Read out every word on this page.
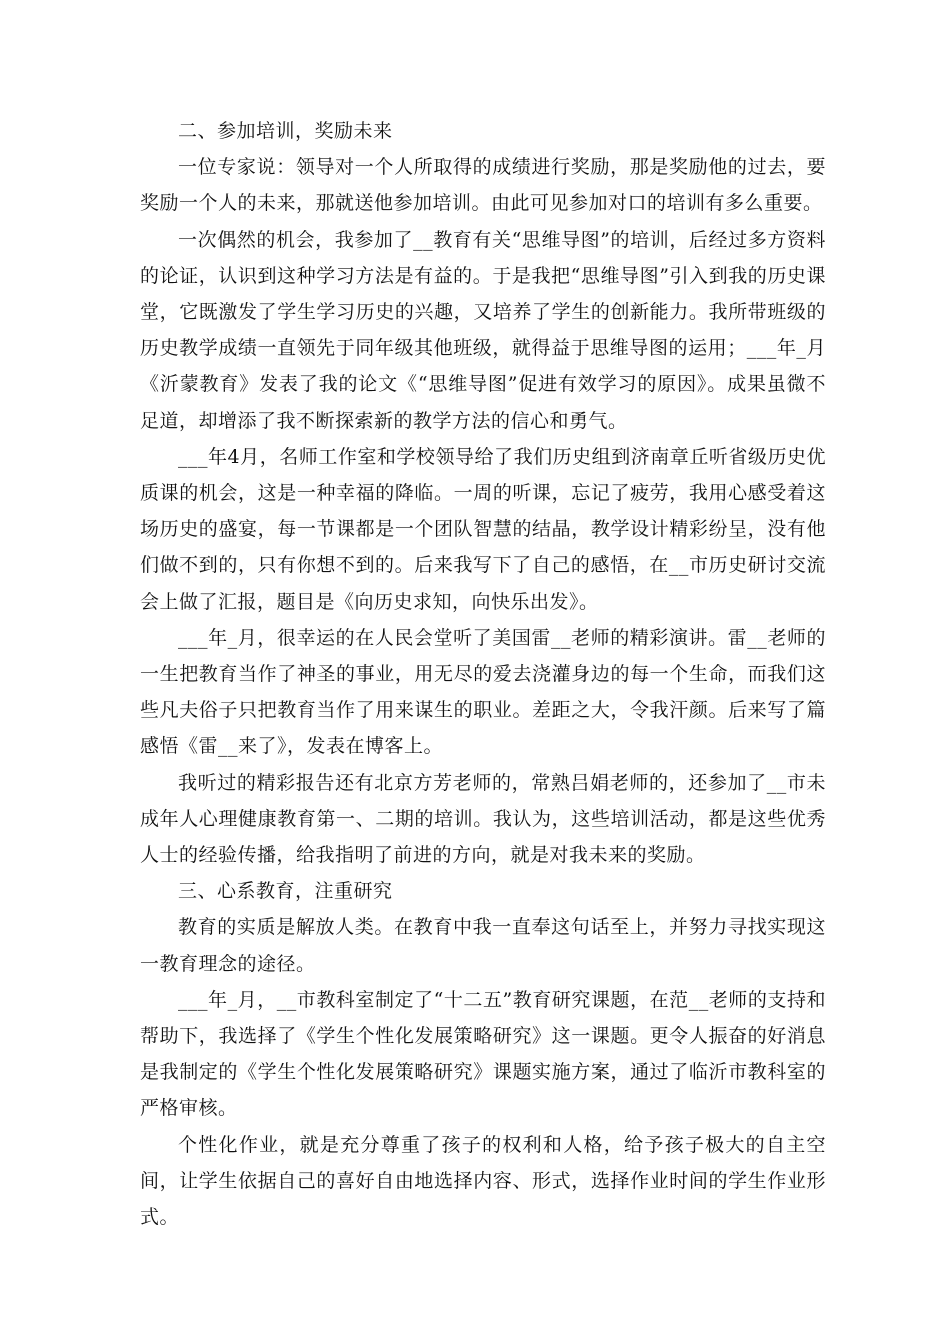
二、参加培训，奖励未来

一位专家说：领导对一个人所取得的成绩进行奖励，那是奖励他的过去，要奖励一个人的未来，那就送他参加培训。由此可见参加对口的培训有多么重要。

一次偶然的机会，我参加了__教育有关“思维导图”的培训，后经过多方资料的论证，认识到这种学习方法是有益的。于是我把“思维导图”引入到我的历史课堂，它既激发了学生学习历史的兴趣，又培养了学生的创新能力。我所带班级的历史教学成绩一直领先于同年级其他班级，就得益于思维导图的运用；___年_月《沂蒙教育》发表了我的论文《“思维导图”促进有效学习的原因》。成果虽微不足道，却增添了我不断探索新的教学方法的信心和勇气。

___年4月，名师工作室和学校领导给了我们历史组到济南章丘听省级历史优质课的机会，这是一种幸福的降临。一周的听课，忘记了疲劳，我用心感受着这场历史的盛宴，每一节课都是一个团队智慧的结晶，教学设计精彩纷呈，没有他们做不到的，只有你想不到的。后来我写下了自己的感悟，在__市历史研讨交流会上做了汇报，题目是《向历史求知，向快乐出发》。

___年_月，很幸运的在人民会堂听了美国雷__老师的精彩演讲。雷__老师的一生把教育当作了神圣的事业，用无尽的爱去浇灌身边的每一个生命，而我们这些凡夫俗子只把教育当作了用来谋生的职业。差距之大，令我汗颜。后来写了篇感悟《雷__来了》，发表在博客上。

我听过的精彩报告还有北京方芳老师的，常熟吕娟老师的，还参加了__市未成年人心理健康教育第一、二期的培训。我认为，这些培训活动，都是这些优秀人士的经验传播，给我指明了前进的方向，就是对我未来的奖励。

三、心系教育，注重研究

教育的实质是解放人类。在教育中我一直奉这句话至上，并努力寻找实现这一教育理念的途径。

___年_月，__市教科室制定了“十二五”教育研究课题，在范__老师的支持和帮助下，我选择了《学生个性化发展策略研究》这一课题。更令人振奋的好消息是我制定的《学生个性化发展策略研究》课题实施方案，通过了临沂市教科室的严格审核。

个性化作业，就是充分尊重了孩子的权利和人格，给予孩子极大的自主空间，让学生依据自己的喜好自由地选择内容、形式，选择作业时间的学生作业形式。
